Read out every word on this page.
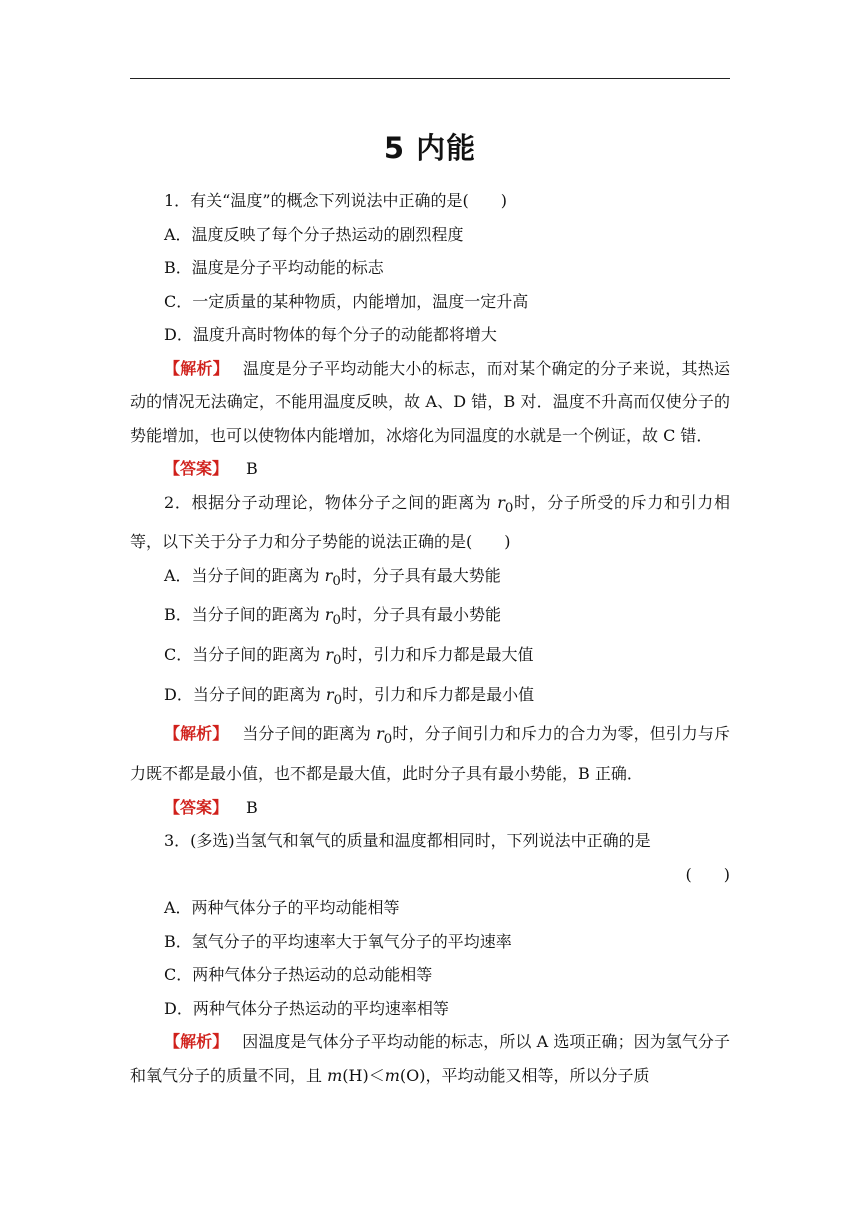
5 内能

1．有关“温度”的概念下列说法中正确的是(　　)

A．温度反映了每个分子热运动的剧烈程度

B．温度是分子平均动能的标志

C．一定质量的某种物质，内能增加，温度一定升高

D．温度升高时物体的每个分子的动能都将增大

【解析】 温度是分子平均动能大小的标志，而对某个确定的分子来说，其热运动的情况无法确定，不能用温度反映，故 A、D 错，B 对．温度不升高而仅使分子的势能增加，也可以使物体内能增加，冰熔化为同温度的水就是一个例证，故 C 错．

【答案】 B

2．根据分子动理论，物体分子之间的距离为 $r_0$时，分子所受的斥力和引力相等，以下关于分子力和分子势能的说法正确的是(　　)

A．当分子间的距离为 $r_0$时，分子具有最大势能

B．当分子间的距离为 $r_0$时，分子具有最小势能

C．当分子间的距离为 $r_0$时，引力和斥力都是最大值

D．当分子间的距离为 $r_0$时，引力和斥力都是最小值

【解析】 当分子间的距离为 $r_0$时，分子间引力和斥力的合力为零，但引力与斥力既不都是最小值，也不都是最大值，此时分子具有最小势能，B 正确．

【答案】 B

3．(多选)当氢气和氧气的质量和温度都相同时，下列说法中正确的是

(　　)

A．两种气体分子的平均动能相等

B．氢气分子的平均速率大于氧气分子的平均速率

C．两种气体分子热运动的总动能相等

D．两种气体分子热运动的平均速率相等

【解析】 因温度是气体分子平均动能的标志，所以 A 选项正确；因为氢气分子和氧气分子的质量不同，且 m(H)＜m(O)，平均动能又相等，所以分子质
